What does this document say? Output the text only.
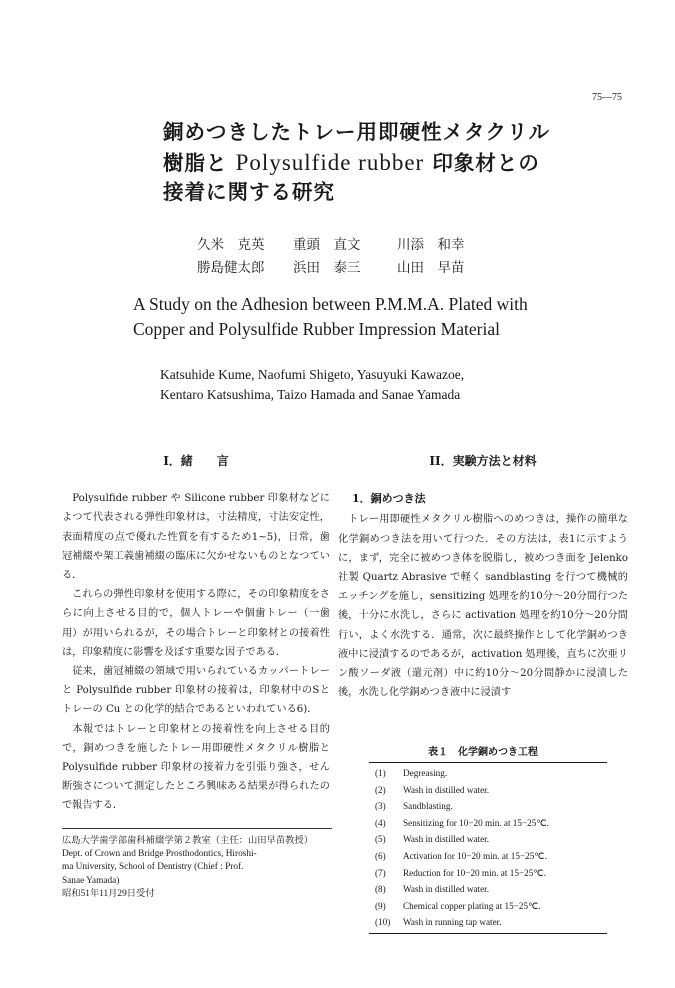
75—75
銅めつきしたトレー用即硬性メタクリル
樹脂と Polysulfide rubber 印象材との
接着に関する研究
久米　克英	重頭　直文	川添　和幸
勝島健太郎	浜田　泰三	山田　早苗
A Study on the Adhesion between P.M.M.A. Plated with
Copper and Polysulfide Rubber Impression Material
Katsuhide Kume, Naofumi Shigeto, Yasuyuki Kawazoe,
Kentaro Katsushima, Taizo Hamada and Sanae Yamada
I．緒　　言

Polysulfide rubber や Silicone rubber 印象材などによつて代表される弾性印象材は，寸法精度，寸法安定性，表面精度の点で優れた性質を有するため1~5)，日常，歯冠補綴や架工義歯補綴の臨床に欠かせないものとなつている．

これらの弾性印象材を使用する際に，その印象精度をさらに向上させる目的で，個人トレーや個歯トレー（一歯用）が用いられるが，その場合トレーと印象材との接着性は，印象精度に影響を及ぼす重要な因子である．

従来，歯冠補綴の領域で用いられているカッパートレーと Polysulfide rubber 印象材の接着は，印象材中のSとトレーの Cu との化学的結合であるといわれている6)．

本報ではトレーと印象材との接着性を向上させる目的で，銅めつきを施したトレー用即硬性メタクリル樹脂と Polysulfide rubber 印象材の接着力を引張り強さ，せん断強さについて測定したところ興味ある結果が得られたので報告する．

II．実験方法と材料
1．銅めつき法

トレー用即硬性メタクリル樹脂へのめつきは，操作の簡単な化学銅めつき法を用いて行つた．その方法は，表1に示すように，まず，完全に被めつき体を脱脂し，被めつき面を Jelenko 社製 Quartz Abrasive で軽く sandblasting を行つて機械的エッチングを施し，sensitizing 処理を約10分～20分間行つた後，十分に水洗し，さらに activation 処理を約10分～20分間行い，よく水洗する．通常，次に最終操作として化学銅めつき液中に浸漬するのであるが，activation 処理後，直ちに次亜リン酸ソーダ液（還元剤）中に約10分～20分間静かに浸漬した後，水洗し化学銅めつき液中に浸漬す

表１　化学銅めつき工程
(1)	Degreasing.
(2)	Wash in distilled water.
(3)	Sandblasting.
(4)	Sensitizing for 10−20 min. at 15−25℃.
(5)	Wash in distilled water.
(6)	Activation for 10−20 min. at 15−25℃.
(7)	Reduction for 10−20 min. at 15−25℃.
(8)	Wash in distilled water.
(9)	Chemical copper plating at 15−25℃.
(10)	Wash in running tap water.
広島大学歯学部歯科補綴学第２教室（主任：山田早苗教授）
Dept. of Crown and Bridge Prosthodontics, Hiroshi-
ma University, School of Dentistry (Chief : Prof.
Sanae Yamada)
昭和51年11月29日受付
